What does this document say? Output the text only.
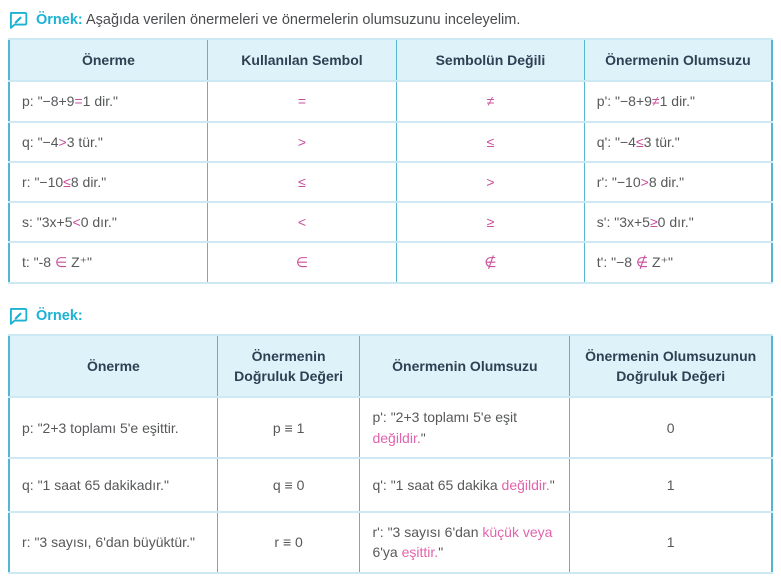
Örnek: Aşağıda verilen önermeleri ve önermelerin olumsuzunu inceleyelim.
Önerme	Kullanılan Sembol	Sembolün Değili	Önermenin Olumsuzu
p: "−8+9=1 dir."	=	≠	p': "−8+9≠1 dir."
q: "−4>3 tür."	>	≤	q': "−4≤3 tür."
r: "−10≤8 dir."	≤	>	r': "−10>8 dir."
s: "3x+5<0 dır."	<	≥	s': "3x+5≥0 dır."
t: "-8 ∈ Z⁺"	∈	∉	t': "−8 ∉ Z⁺"
Örnek:
Önerme	Önermenin Doğruluk Değeri	Önermenin Olumsuzu	Önermenin Olumsuzunun Doğruluk Değeri
p: "2+3 toplamı 5'e eşittir.	p ≡ 1	p': "2+3 toplamı 5'e eşit değildir."	0
q: "1 saat 65 dakikadır."	q ≡ 0	q': "1 saat 65 dakika değildir."	1
r: "3 sayısı, 6'dan büyüktür."	r ≡ 0	r': "3 sayısı 6'dan küçük veya 6'ya eşittir."	1
